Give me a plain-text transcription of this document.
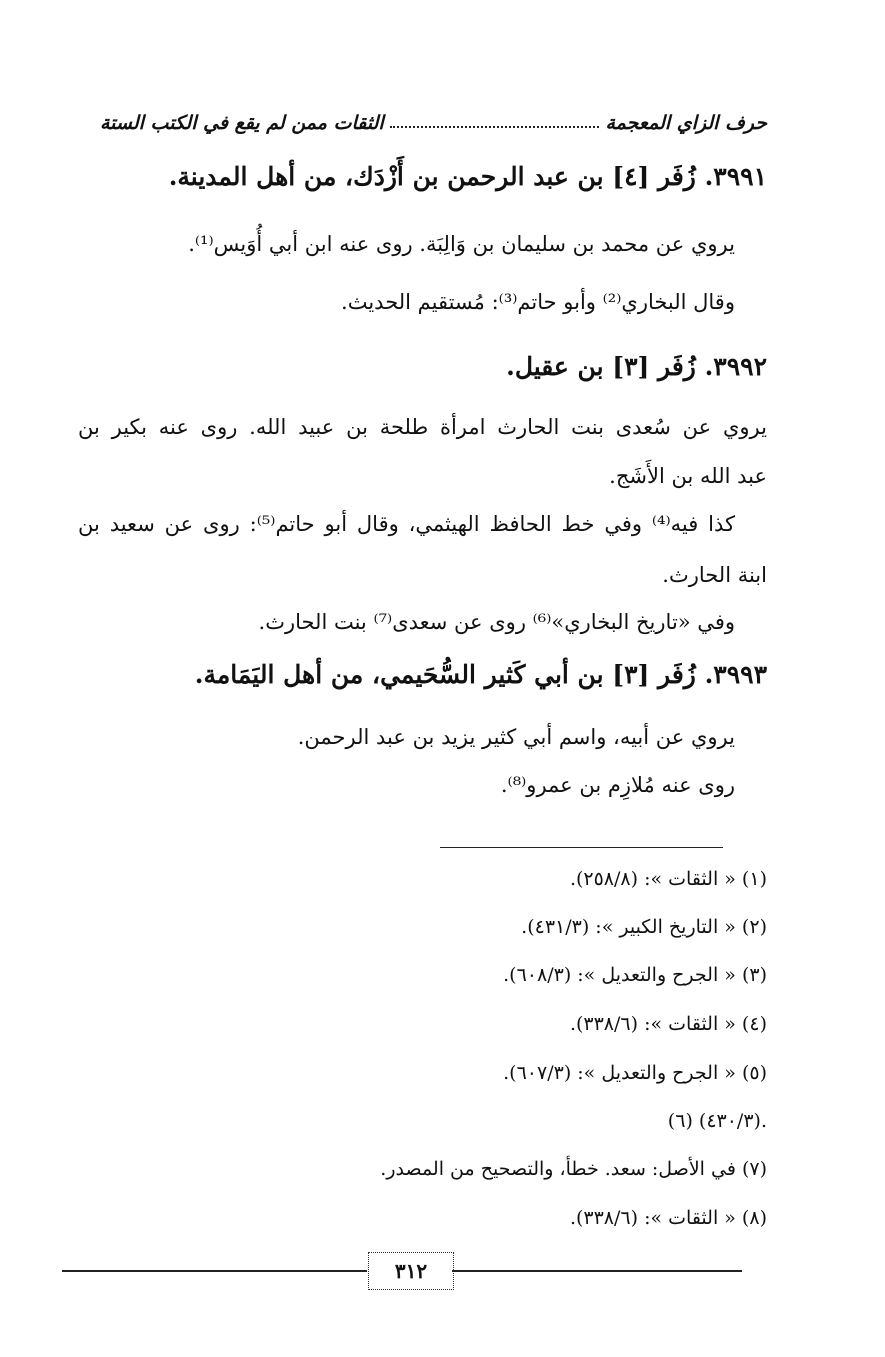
حرف الزاي المعجمة
الثقات ممن لم يقع في الكتب الستة
٣٩٩١. زُفَر [٤] بن عبد الرحمن بن أَزْدَك، من أهل المدينة.
يروي عن محمد بن سليمان بن وَالِبَة. روى عنه ابن أبي أُوَيس⁽¹⁾.
وقال البخاري⁽²⁾ وأبو حاتم⁽³⁾: مُستقيم الحديث.
٣٩٩٢. زُفَر [٣] بن عقيل.
يروي عن سُعدى بنت الحارث امرأة طلحة بن عبيد الله. روى عنه بكير بن
عبد الله بن الأَشَج.
كذا فيه⁽⁴⁾ وفي خط الحافظ الهيثمي، وقال أبو حاتم⁽⁵⁾: روى عن سعيد بن
ابنة الحارث.
وفي «تاريخ البخاري»⁽⁶⁾ روى عن سعدى⁽⁷⁾ بنت الحارث.
٣٩٩٣. زُفَر [٣] بن أبي كَثير السُّحَيمي، من أهل اليَمَامة.
يروي عن أبيه، واسم أبي كثير يزيد بن عبد الرحمن.
روى عنه مُلازِم بن عمرو⁽⁸⁾.
(١) « الثقات »: (٢٥٨/٨).
(٢) « التاريخ الكبير »: (٤٣١/٣).
(٣) « الجرح والتعديل »: (٦٠٨/٣).
(٤) « الثقات »: (٣٣٨/٦).
(٥) « الجرح والتعديل »: (٦٠٧/٣).
(٦) (٤٣٠/٣).
(٧) في الأصل: سعد. خطأ، والتصحيح من المصدر.
(٨) « الثقات »: (٣٣٨/٦).
٣١٢
